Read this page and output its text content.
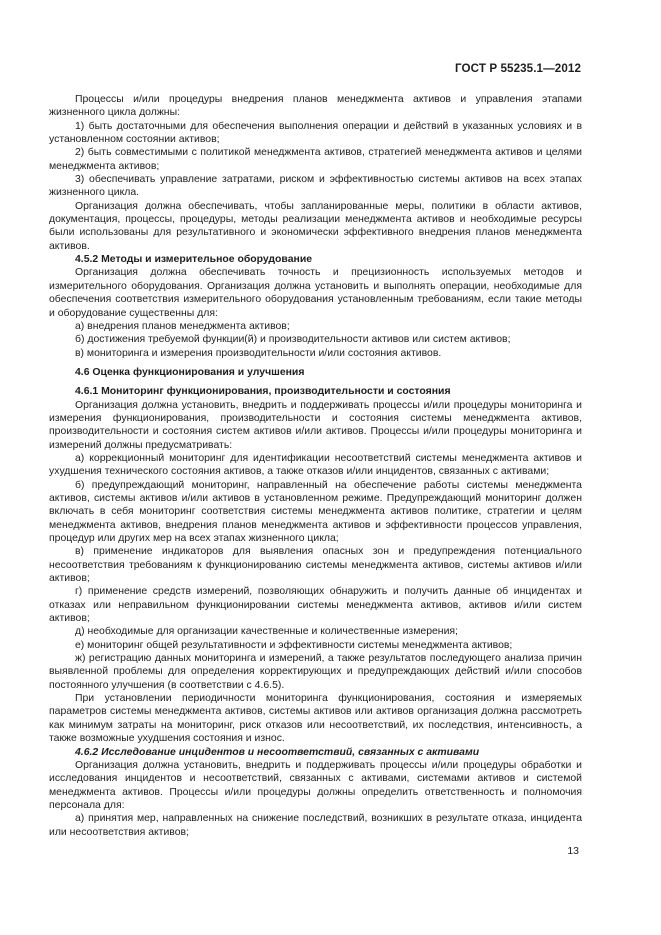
ГОСТ Р 55235.1—2012

Процессы и/или процедуры внедрения планов менеджмента активов и управления этапами жизненного цикла должны:

1) быть достаточными для обеспечения выполнения операции и действий в указанных условиях и в установленном состоянии активов;

2) быть совместимыми с политикой менеджмента активов, стратегией менеджмента активов и целями менеджмента активов;

3) обеспечивать управление затратами, риском и эффективностью системы активов на всех этапах жизненного цикла.

Организация должна обеспечивать, чтобы запланированные меры, политики в области активов, документация, процессы, процедуры, методы реализации менеджмента активов и необходимые ресурсы были использованы для результативного и экономически эффективного внедрения планов менеджмента активов.

4.5.2 Методы и измерительное оборудование

Организация должна обеспечивать точность и прецизионность используемых методов и измерительного оборудования. Организация должна установить и выполнять операции, необходимые для обеспечения соответствия измерительного оборудования установленным требованиям, если такие методы и оборудование существенны для:

а) внедрения планов менеджмента активов;

б) достижения требуемой функции(й) и производительности активов или систем активов;

в) мониторинга и измерения производительности и/или состояния активов.

4.6 Оценка функционирования и улучшения

4.6.1 Мониторинг функционирования, производительности и состояния

Организация должна установить, внедрить и поддерживать процессы и/или процедуры мониторинга и измерения функционирования, производительности и состояния системы менеджмента активов, производительности и состояния систем активов и/или активов. Процессы и/или процедуры мониторинга и измерений должны предусматривать:

а) коррекционный мониторинг для идентификации несоответствий системы менеджмента активов и ухудшения технического состояния активов, а также отказов и/или инцидентов, связанных с активами;

б) предупреждающий мониторинг, направленный на обеспечение работы системы менеджмента активов, системы активов и/или активов в установленном режиме. Предупреждающий мониторинг должен включать в себя мониторинг соответствия системы менеджмента активов политике, стратегии и целям менеджмента активов, внедрения планов менеджмента активов и эффективности процессов управления, процедур или других мер на всех этапах жизненного цикла;

в) применение индикаторов для выявления опасных зон и предупреждения потенциального несоответствия требованиям к функционированию системы менеджмента активов, системы активов и/или активов;

г) применение средств измерений, позволяющих обнаружить и получить данные об инцидентах и отказах или неправильном функционировании системы менеджмента активов, активов и/или систем активов;

д) необходимые для организации качественные и количественные измерения;

е) мониторинг общей результативности и эффективности системы менеджмента активов;

ж) регистрацию данных мониторинга и измерений, а также результатов последующего анализа причин выявленной проблемы для определения корректирующих и предупреждающих действий и/или способов постоянного улучшения (в соответствии с 4.6.5).

При установлении периодичности мониторинга функционирования, состояния и измеряемых параметров системы менеджмента активов, системы активов или активов организация должна рассмотреть как минимум затраты на мониторинг, риск отказов или несоответствий, их последствия, интенсивность, а также возможные ухудшения состояния и износ.

4.6.2 Исследование инцидентов и несоответствий, связанных с активами

Организация должна установить, внедрить и поддерживать процессы и/или процедуры обработки и исследования инцидентов и несоответствий, связанных с активами, системами активов и системой менеджмента активов. Процессы и/или процедуры должны определить ответственность и полномочия персонала для:

а) принятия мер, направленных на снижение последствий, возникших в результате отказа, инцидента или несоответствия активов;

13
